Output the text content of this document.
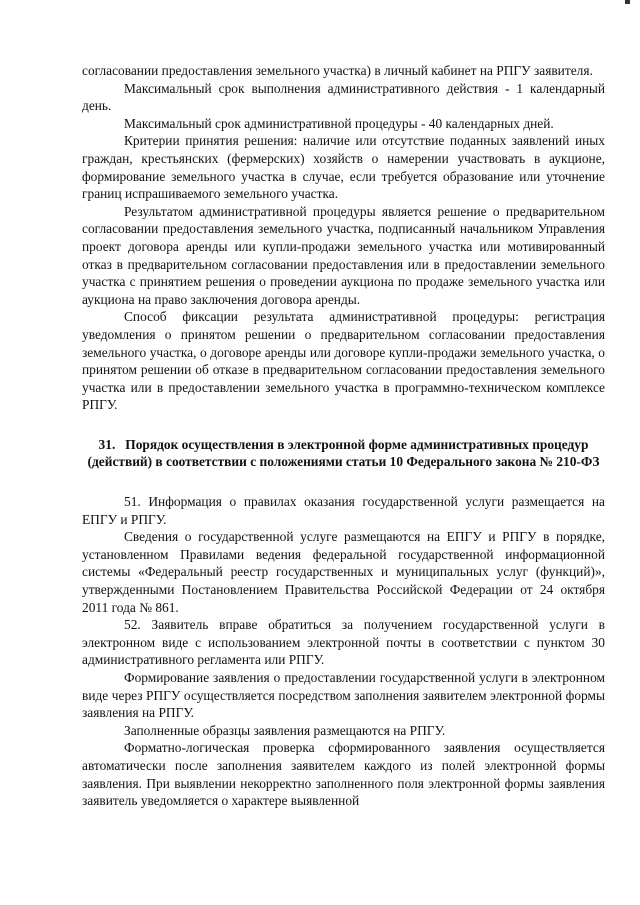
согласовании предоставления земельного участка) в личный кабинет на РПГУ заявителя.

Максимальный срок выполнения административного действия - 1 календарный день.

Максимальный срок административной процедуры - 40 календарных дней.

Критерии принятия решения: наличие или отсутствие поданных заявлений иных граждан, крестьянских (фермерских) хозяйств о намерении участвовать в аукционе, формирование земельного участка в случае, если требуется образование или уточнение границ испрашиваемого земельного участка.

Результатом административной процедуры является решение о предварительном согласовании предоставления земельного участка, подписанный начальником Управления проект договора аренды или купли-продажи земельного участка или мотивированный отказ в предварительном согласовании предоставления или в предоставлении земельного участка с принятием решения о проведении аукциона по продаже земельного участка или аукциона на право заключения договора аренды.

Способ фиксации результата административной процедуры: регистрация уведомления о принятом решении о предварительном согласовании предоставления земельного участка, о договоре аренды или договоре купли-продажи земельного участка, о принятом решении об отказе в предварительном согласовании предоставления земельного участка или в предоставлении земельного участка в программно-техническом комплексе РПГУ.

31. Порядок осуществления в электронной форме административных процедур (действий) в соответствии с положениями статьи 10 Федерального закона № 210-ФЗ

51. Информация о правилах оказания государственной услуги размещается на ЕПГУ и РПГУ.

Сведения о государственной услуге размещаются на ЕПГУ и РПГУ в порядке, установленном Правилами ведения федеральной государственной информационной системы «Федеральный реестр государственных и муниципальных услуг (функций)», утвержденными Постановлением Правительства Российской Федерации от 24 октября 2011 года № 861.

52. Заявитель вправе обратиться за получением государственной услуги в электронном виде с использованием электронной почты в соответствии с пунктом 30 административного регламента или РПГУ.

Формирование заявления о предоставлении государственной услуги в электронном виде через РПГУ осуществляется посредством заполнения заявителем электронной формы заявления на РПГУ.

Заполненные образцы заявления размещаются на РПГУ.

Форматно-логическая проверка сформированного заявления осуществляется автоматически после заполнения заявителем каждого из полей электронной формы заявления. При выявлении некорректно заполненного поля электронной формы заявления заявитель уведомляется о характере выявленной
